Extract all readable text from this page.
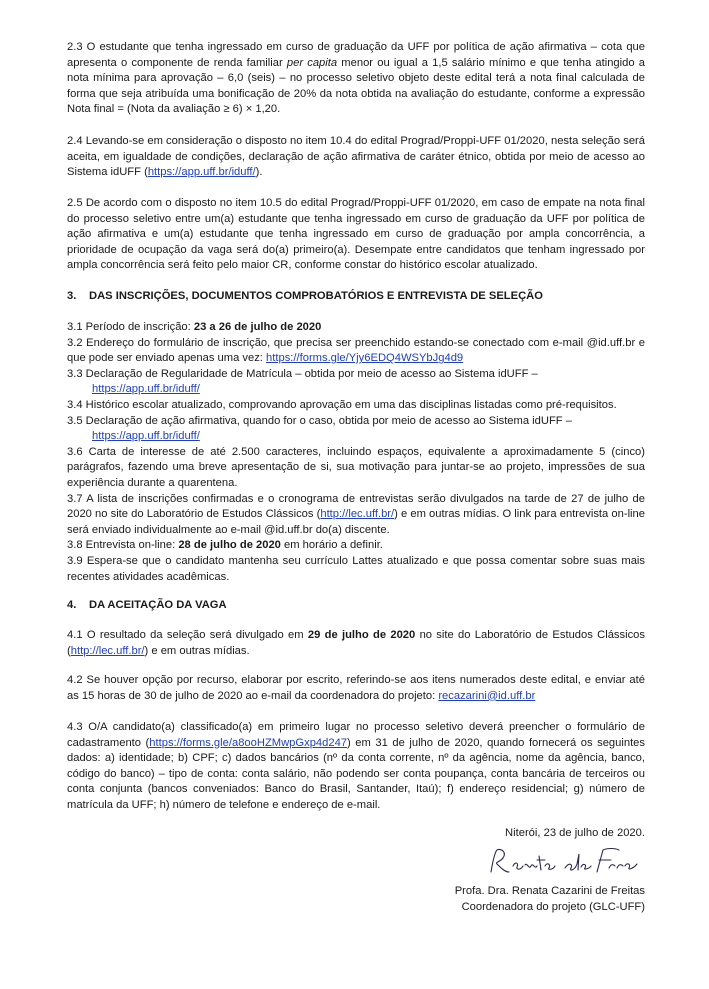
2.3 O estudante que tenha ingressado em curso de graduação da UFF por política de ação afirmativa – cota que apresenta o componente de renda familiar per capita menor ou igual a 1,5 salário mínimo e que tenha atingido a nota mínima para aprovação – 6,0 (seis) – no processo seletivo objeto deste edital terá a nota final calculada de forma que seja atribuída uma bonificação de 20% da nota obtida na avaliação do estudante, conforme a expressão Nota final = (Nota da avaliação ≥ 6) × 1,20.

2.4 Levando-se em consideração o disposto no item 10.4 do edital Prograd/Proppi-UFF 01/2020, nesta seleção será aceita, em igualdade de condições, declaração de ação afirmativa de caráter étnico, obtida por meio de acesso ao Sistema idUFF (https://app.uff.br/iduff/).

2.5 De acordo com o disposto no item 10.5 do edital Prograd/Proppi-UFF 01/2020, em caso de empate na nota final do processo seletivo entre um(a) estudante que tenha ingressado em curso de graduação da UFF por política de ação afirmativa e um(a) estudante que tenha ingressado em curso de graduação por ampla concorrência, a prioridade de ocupação da vaga será do(a) primeiro(a). Desempate entre candidatos que tenham ingressado por ampla concorrência será feito pelo maior CR, conforme constar do histórico escolar atualizado.

3. DAS INSCRIÇÕES, DOCUMENTOS COMPROBATÓRIOS E ENTREVISTA DE SELEÇÃO
3.1 Período de inscrição: 23 a 26 de julho de 2020
3.2 Endereço do formulário de inscrição, que precisa ser preenchido estando-se conectado com e-mail @id.uff.br e que pode ser enviado apenas uma vez: https://forms.gle/Yjy6EDQ4WSYbJg4d9
3.3 Declaração de Regularidade de Matrícula – obtida por meio de acesso ao Sistema idUFF –
https://app.uff.br/iduff/
3.4 Histórico escolar atualizado, comprovando aprovação em uma das disciplinas listadas como pré-requisitos.
3.5 Declaração de ação afirmativa, quando for o caso, obtida por meio de acesso ao Sistema idUFF –
https://app.uff.br/iduff/
3.6 Carta de interesse de até 2.500 caracteres, incluindo espaços, equivalente a aproximadamente 5 (cinco) parágrafos, fazendo uma breve apresentação de si, sua motivação para juntar-se ao projeto, impressões de sua experiência durante a quarentena.
3.7 A lista de inscrições confirmadas e o cronograma de entrevistas serão divulgados na tarde de 27 de julho de 2020 no site do Laboratório de Estudos Clássicos (http://lec.uff.br/) e em outras mídias. O link para entrevista on-line será enviado individualmente ao e-mail @id.uff.br do(a) discente.
3.8 Entrevista on-line: 28 de julho de 2020 em horário a definir.
3.9 Espera-se que o candidato mantenha seu currículo Lattes atualizado e que possa comentar sobre suas mais recentes atividades acadêmicas.
4. DA ACEITAÇÃO DA VAGA

4.1 O resultado da seleção será divulgado em 29 de julho de 2020 no site do Laboratório de Estudos Clássicos (http://lec.uff.br/) e em outras mídias.

4.2 Se houver opção por recurso, elaborar por escrito, referindo-se aos itens numerados deste edital, e enviar até as 15 horas de 30 de julho de 2020 ao e-mail da coordenadora do projeto: recazarini@id.uff.br

4.3 O/A candidato(a) classificado(a) em primeiro lugar no processo seletivo deverá preencher o formulário de cadastramento (https://forms.gle/a8ooHZMwpGxp4d247) em 31 de julho de 2020, quando fornecerá os seguintes dados: a) identidade; b) CPF; c) dados bancários (nº da conta corrente, nº da agência, nome da agência, banco, código do banco) – tipo de conta: conta salário, não podendo ser conta poupança, conta bancária de terceiros ou conta conjunta (bancos conveniados: Banco do Brasil, Santander, Itaú); f) endereço residencial; g) número de matrícula da UFF; h) número de telefone e endereço de e-mail.

Niterói, 23 de julho de 2020.
Profa. Dra. Renata Cazarini de Freitas
Coordenadora do projeto (GLC-UFF)
